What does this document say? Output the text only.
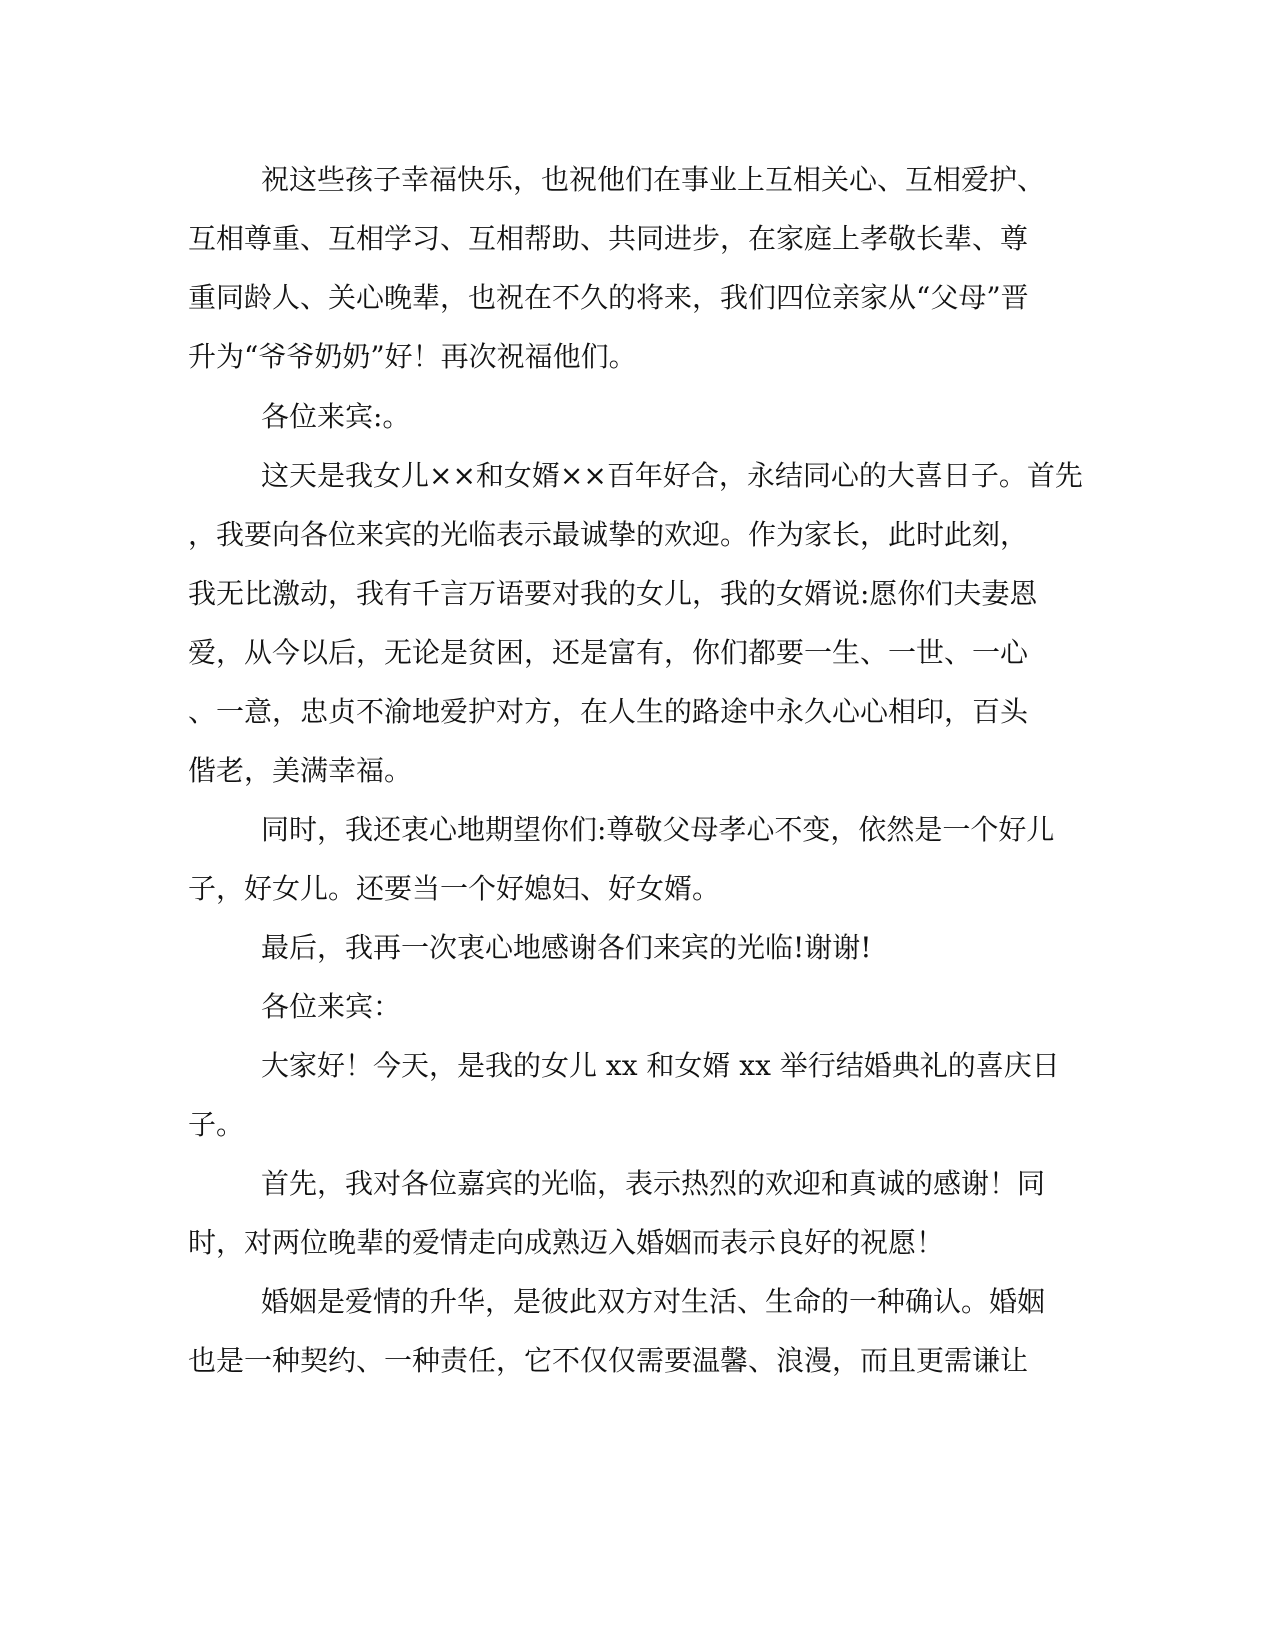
祝这些孩子幸福快乐，也祝他们在事业上互相关心、互相爱护、
互相尊重、互相学习、互相帮助、共同进步，在家庭上孝敬长辈、尊
重同龄人、关心晚辈，也祝在不久的将来，我们四位亲家从“父母”晋
升为“爷爷奶奶”好！再次祝福他们。
各位来宾:。
这天是我女儿××和女婿××百年好合，永结同心的大喜日子。首先
，我要向各位来宾的光临表示最诚挚的欢迎。作为家长，此时此刻，
我无比激动，我有千言万语要对我的女儿，我的女婿说:愿你们夫妻恩
爱，从今以后，无论是贫困，还是富有，你们都要一生、一世、一心
、一意，忠贞不渝地爱护对方，在人生的路途中永久心心相印，百头
偕老，美满幸福。
同时，我还衷心地期望你们:尊敬父母孝心不变，依然是一个好儿
子，好女儿。还要当一个好媳妇、好女婿。
最后，我再一次衷心地感谢各们来宾的光临!谢谢!
各位来宾：
大家好！今天，是我的女儿 xx 和女婿 xx 举行结婚典礼的喜庆日
子。
首先，我对各位嘉宾的光临，表示热烈的欢迎和真诚的感谢！同
时，对两位晚辈的爱情走向成熟迈入婚姻而表示良好的祝愿！
婚姻是爱情的升华，是彼此双方对生活、生命的一种确认。婚姻
也是一种契约、一种责任，它不仅仅需要温馨、浪漫，而且更需谦让
